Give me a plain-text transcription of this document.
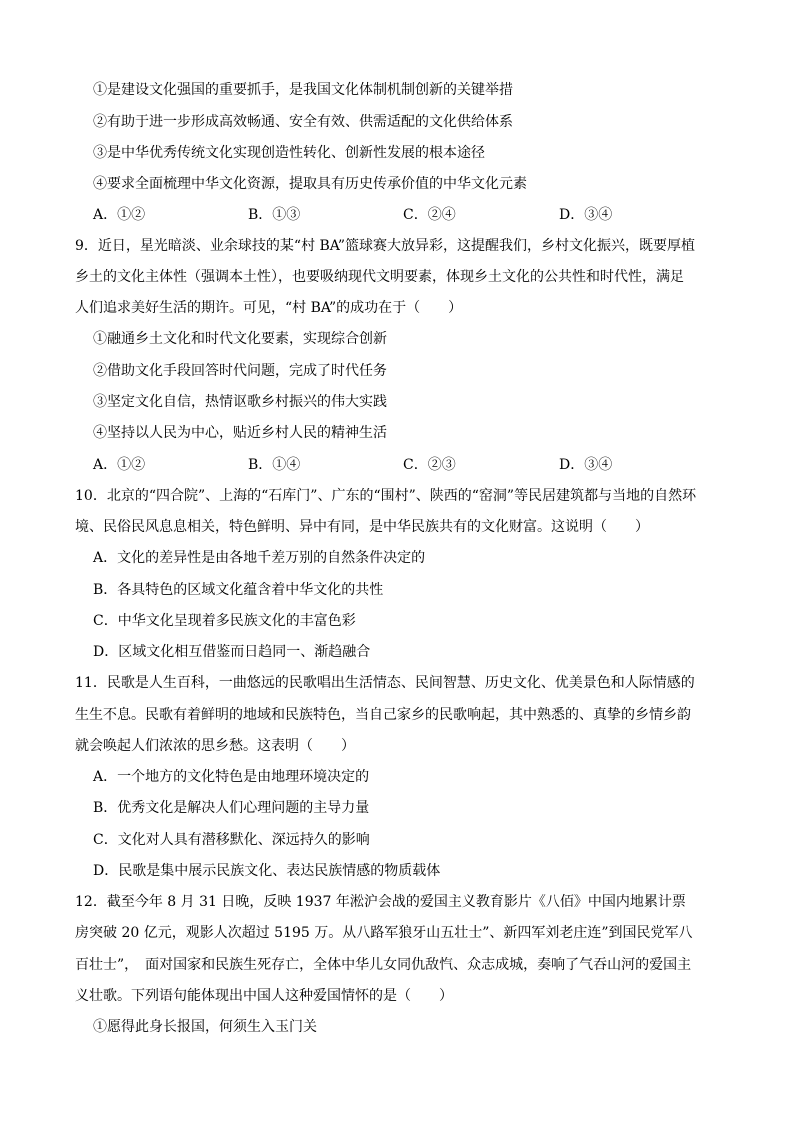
①是建设文化强国的重要抓手，是我国文化体制机制创新的关键举措
②有助于进一步形成高效畅通、安全有效、供需适配的文化供给体系
③是中华优秀传统文化实现创造性转化、创新性发展的根本途径
④要求全面梳理中华文化资源，提取具有历史传承价值的中华文化元素
A．①②	B．①③	C．②④	D．③④
9．近日，星光暗淡、业余球技的某“村 BA”篮球赛大放异彩，这提醒我们，乡村文化振兴，既要厚植
乡土的文化主体性（强调本土性），也要吸纳现代文明要素，体现乡土文化的公共性和时代性，满足
人们追求美好生活的期许。可见，“村 BA”的成功在于（　　）
①融通乡土文化和时代文化要素，实现综合创新
②借助文化手段回答时代问题，完成了时代任务
③坚定文化自信，热情讴歌乡村振兴的伟大实践
④坚持以人民为中心，贴近乡村人民的精神生活
A．①②	B．①④	C．②③	D．③④
10．北京的“四合院”、上海的“石库门”、广东的“围村”、陕西的“窑洞”等民居建筑都与当地的自然环
境、民俗民风息息相关，特色鲜明、异中有同，是中华民族共有的文化财富。这说明（　　）
A．文化的差异性是由各地千差万别的自然条件决定的
B．各具特色的区域文化蕴含着中华文化的共性
C．中华文化呈现着多民族文化的丰富色彩
D．区域文化相互借鉴而日趋同一、渐趋融合
11．民歌是人生百科，一曲悠远的民歌唱出生活情态、民间智慧、历史文化、优美景色和人际情感的
生生不息。民歌有着鲜明的地域和民族特色，当自己家乡的民歌响起，其中熟悉的、真挚的乡情乡韵
就会唤起人们浓浓的思乡愁。这表明（　　）
A．一个地方的文化特色是由地理环境决定的
B．优秀文化是解决人们心理问题的主导力量
C．文化对人具有潜移默化、深远持久的影响
D．民歌是集中展示民族文化、表达民族情感的物质载体
12．截至今年 8 月 31 日晚，反映 1937 年淞沪会战的爱国主义教育影片《八佰》中国内地累计票
房突破 20 亿元，观影人次超过 5195 万。从八路军狼牙山五壮士”、新四军刘老庄连”到国民党军八
百壮士”，　面对国家和民族生死存亡，全体中华儿女同仇敌忾、众志成城，奏响了气吞山河的爱国主
义壮歌。下列语句能体现出中国人这种爱国情怀的是（　　）
①愿得此身长报国，何须生入玉门关
